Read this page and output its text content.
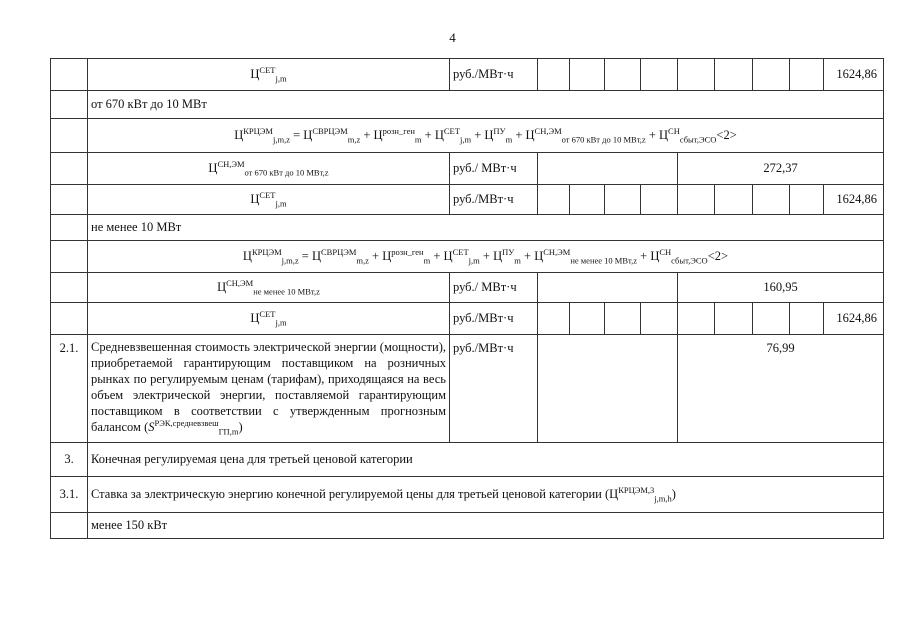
4
	$Ц^{СЕТ}_{j,m}$	руб./МВт·ч									1624,86
	от 670 кВт до 10 МВт										
	$Ц^{КРЦЭМ}_{j,m,z} = Ц^{СВРЦЭМ}_{m,z} + Ц^{розн\_ген}_m + Ц^{СЕТ}_{j,m} + Ц^{ПУ}_m + Ц^{СН,ЭМ}_{от 670 кВт до 10 МВт,z} + Ц^{СН}_{сбыт,ЭСО}<2>$										
	$Ц^{СН,ЭМ}_{от 670 кВт до 10 МВт,z}$	руб./ МВт·ч					272,37				
	$Ц^{СЕТ}_{j,m}$	руб./МВт·ч									1624,86
	не менее 10 МВт										
	$Ц^{КРЦЭМ}_{j,m,z} = Ц^{СВРЦЭМ}_{m,z} + Ц^{розн\_ген}_m + Ц^{СЕТ}_{j,m} + Ц^{ПУ}_m + Ц^{СН,ЭМ}_{не менее 10 МВт,z} + Ц^{СН}_{сбыт,ЭСО}<2>$										
	$Ц^{СН,ЭМ}_{не менее 10 МВт,z}$	руб./ МВт·ч					160,95				
	$Ц^{СЕТ}_{j,m}$	руб./МВт·ч									1624,86
2.1.	Средневзвешенная стоимость электрической энергии (мощности), приобретаемой гарантирующим поставщиком на розничных рынках по регулируемым ценам (тарифам), приходящаяся на весь объем электрической энергии, поставляемой гарантирующим поставщиком в соответствии с утвержденным прогнозным балансом $(S^{РЭК,средневзвеш}_{ГП,m})$	руб./МВт·ч					76,99				
3.	Конечная регулируемая цена для третьей ценовой категории										
3.1.	Ставка за электрическую энергию конечной регулируемой цены для третьей ценовой категории $(Ц^{КРЦЭМ,3}_{j,m,h})$										
	менее 150 кВт										
